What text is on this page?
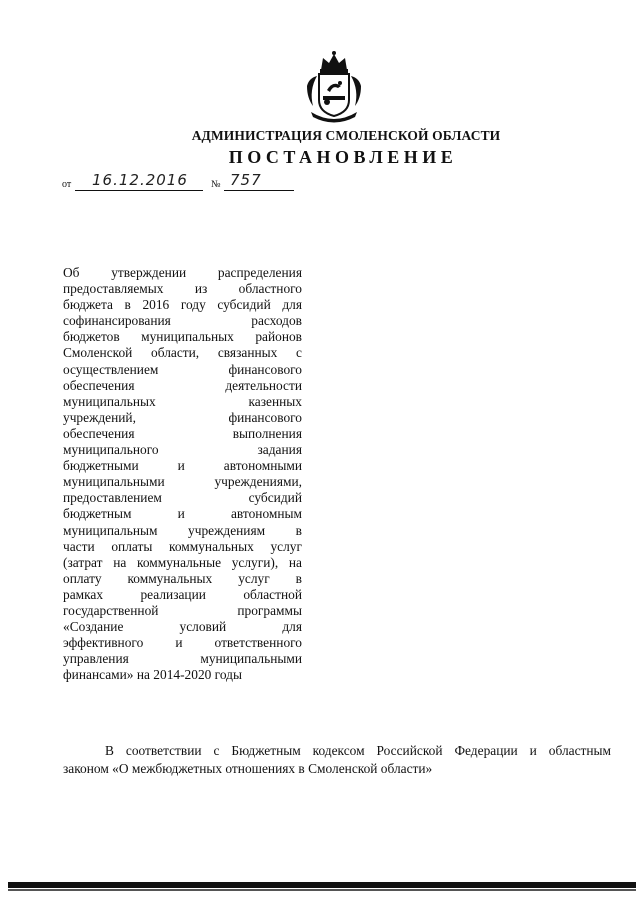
АДМИНИСТРАЦИЯ СМОЛЕНСКОЙ ОБЛАСТИ
ПОСТАНОВЛЕНИЕ
от 16.12.2016 № 757
Об утверждении распределения
предоставляемых из областного
бюджета в 2016 году субсидий для
софинансирования расходов
бюджетов муниципальных районов
Смоленской области, связанных с
осуществлением финансового
обеспечения деятельности
муниципальных казенных
учреждений, финансового
обеспечения выполнения
муниципального задания
бюджетными и автономными
муниципальными учреждениями,
предоставлением субсидий
бюджетным и автономным
муниципальным учреждениям в
части оплаты коммунальных услуг
(затрат на коммунальные услуги), на
оплату коммунальных услуг в
рамках реализации областной
государственной программы
«Создание условий для
эффективного и ответственного
управления муниципальными
финансами» на 2014-2020 годы
В соответствии с Бюджетным кодексом Российской Федерации и областным
законом «О межбюджетных отношениях в Смоленской области»
